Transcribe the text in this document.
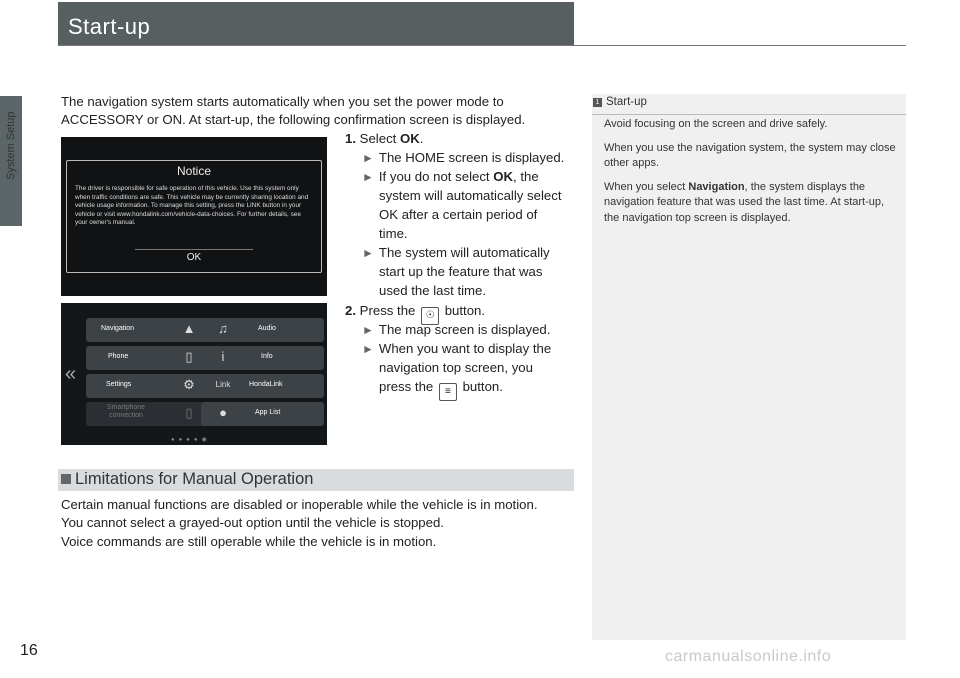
System Setup
Start-up
The navigation system starts automatically when you set the power mode to ACCESSORY or ON. At start-up, the following confirmation screen is displayed.
Notice
The driver is responsible for safe operation of this vehicle. Use this system only when traffic conditions are safe. This vehicle may be currently sharing location and vehicle usage information. To manage this setting, press the LINK button in your vehicle or visit www.hondalink.com/vehicle-data-choices. For further details, see your owner's manual.
OK
«
Navigation	▲ ♫	Audio
Phone	▯	i	Info
Settings	⚙	Link	HondaLink
Smartphone connection	▯	●	App List
●●●●◉
1. Select OK.
► The HOME screen is displayed.
► If you do not select OK, the
system will automatically select
OK after a certain period of
time.
► The system will automatically
start up the feature that was
used the last time.
2. Press the ☉ button.
► The map screen is displayed.
► When you want to display the
navigation top screen, you
press the ≡ button.
Limitations for Manual Operation
Certain manual functions are disabled or inoperable while the vehicle is in motion.
You cannot select a grayed-out option until the vehicle is stopped.
Voice commands are still operable while the vehicle is in motion.
1 Start-up

Avoid focusing on the screen and drive safely.

When you use the navigation system, the system may close other apps.

When you select Navigation, the system displays the navigation feature that was used the last time. At start-up, the navigation top screen is displayed.

16	carmanualsonline.info
